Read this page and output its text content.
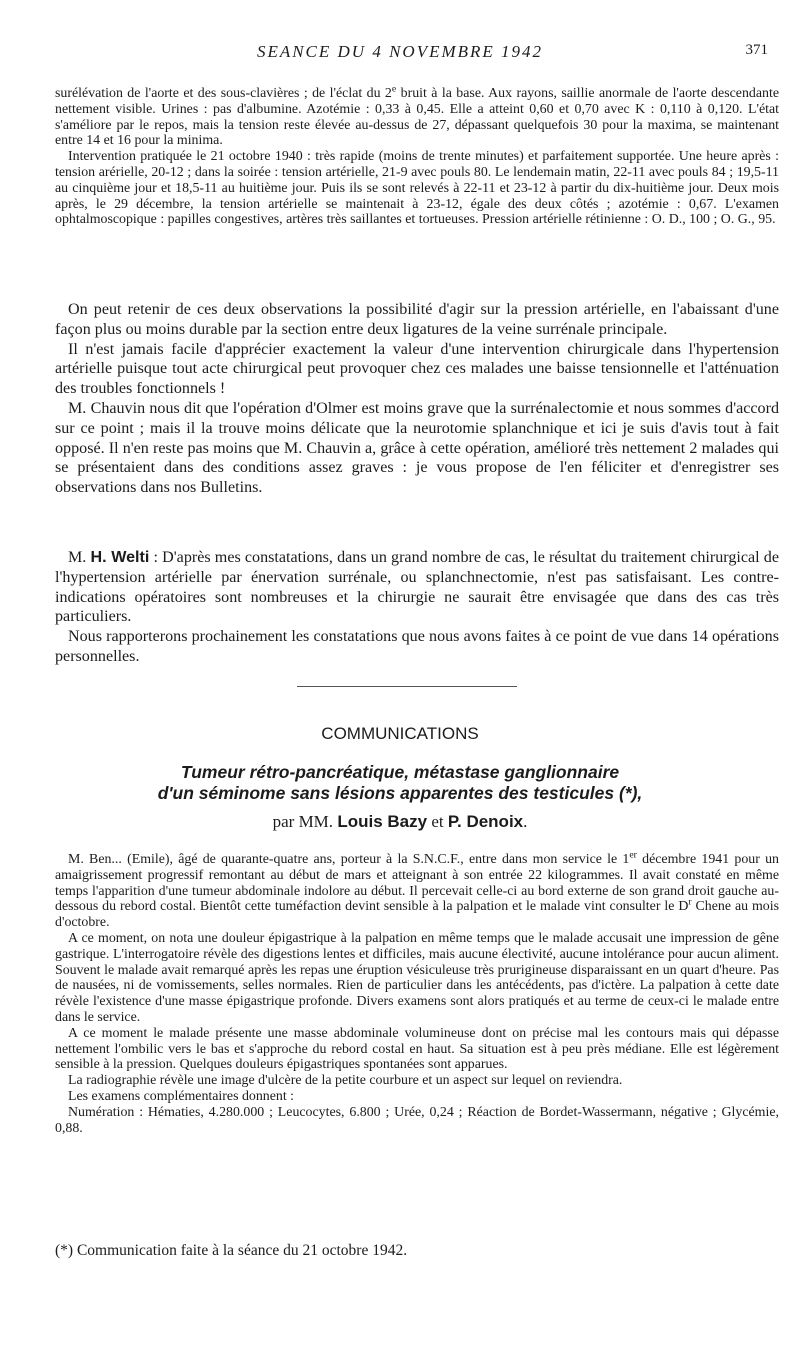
SEANCE DU 4 NOVEMBRE 1942	371

surélévation de l'aorte et des sous-clavières ; de l'éclat du 2e bruit à la base. Aux rayons, saillie anormale de l'aorte descendante nettement visible. Urines : pas d'albumine. Azotémie : 0,33 à 0,45. Elle a atteint 0,60 et 0,70 avec K : 0,110 à 0,120. L'état s'améliore par le repos, mais la tension reste élevée au-dessus de 27, dépassant quelquefois 30 pour la maxima, se maintenant entre 14 et 16 pour la minima.

Intervention pratiquée le 21 octobre 1940 : très rapide (moins de trente minutes) et parfaitement supportée. Une heure après : tension arérielle, 20-12 ; dans la soirée : tension artérielle, 21-9 avec pouls 80. Le lendemain matin, 22-11 avec pouls 84 ; 19,5-11 au cinquième jour et 18,5-11 au huitième jour. Puis ils se sont relevés à 22-11 et 23-12 à partir du dix-huitième jour. Deux mois après, le 29 décembre, la tension artérielle se maintenait à 23-12, égale des deux côtés ; azotémie : 0,67. L'examen ophtalmoscopique : papilles congestives, artères très saillantes et tortueuses. Pression artérielle rétinienne : O. D., 100 ; O. G., 95.

On peut retenir de ces deux observations la possibilité d'agir sur la pression artérielle, en l'abaissant d'une façon plus ou moins durable par la section entre deux ligatures de la veine surrénale principale.

Il n'est jamais facile d'apprécier exactement la valeur d'une intervention chirurgicale dans l'hypertension artérielle puisque tout acte chirurgical peut provoquer chez ces malades une baisse tensionnelle et l'atténuation des troubles fonctionnels !

M. Chauvin nous dit que l'opération d'Olmer est moins grave que la surrénalectomie et nous sommes d'accord sur ce point ; mais il la trouve moins délicate que la neurotomie splanchnique et ici je suis d'avis tout à fait opposé. Il n'en reste pas moins que M. Chauvin a, grâce à cette opération, amélioré très nettement 2 malades qui se présentaient dans des conditions assez graves : je vous propose de l'en féliciter et d'enregistrer ses observations dans nos Bulletins.

M. H. Welti : D'après mes constatations, dans un grand nombre de cas, le résultat du traitement chirurgical de l'hypertension artérielle par énervation surrénale, ou splanchnectomie, n'est pas satisfaisant. Les contre-indications opératoires sont nombreuses et la chirurgie ne saurait être envisagée que dans des cas très particuliers.

Nous rapporterons prochainement les constatations que nous avons faites à ce point de vue dans 14 opérations personnelles.

COMMUNICATIONS
Tumeur rétro-pancréatique, métastase ganglionnaire
d'un séminome sans lésions apparentes des testicules (*),
par MM. Louis Bazy et P. Denoix.

M. Ben... (Emile), âgé de quarante-quatre ans, porteur à la S.N.C.F., entre dans mon service le 1er décembre 1941 pour un amaigrissement progressif remontant au début de mars et atteignant à son entrée 22 kilogrammes. Il avait constaté en même temps l'apparition d'une tumeur abdominale indolore au début. Il percevait celle-ci au bord externe de son grand droit gauche au-dessous du rebord costal. Bientôt cette tuméfaction devint sensible à la palpation et le malade vint consulter le $D^r$ Chene au mois d'octobre.

A ce moment, on nota une douleur épigastrique à la palpation en même temps que le malade accusait une impression de gêne gastrique. L'interrogatoire révèle des digestions lentes et difficiles, mais aucune électivité, aucune intolérance pour aucun aliment. Souvent le malade avait remarqué après les repas une éruption vésiculeuse très prurigineuse disparaissant en un quart d'heure. Pas de nausées, ni de vomissements, selles normales. Rien de particulier dans les antécédents, pas d'ictère. La palpation à cette date révèle l'existence d'une masse épigastrique profonde. Divers examens sont alors pratiqués et au terme de ceux-ci le malade entre dans le service.

A ce moment le malade présente une masse abdominale volumineuse dont on précise mal les contours mais qui dépasse nettement l'ombilic vers le bas et s'approche du rebord costal en haut. Sa situation est à peu près médiane. Elle est légèrement sensible à la pression. Quelques douleurs épigastriques spontanées sont apparues.

La radiographie révèle une image d'ulcère de la petite courbure et un aspect sur lequel on reviendra.

Les examens complémentaires donnent :

Numération : Hématies, 4.280.000 ; Leucocytes, 6.800 ; Urée, 0,24 ; Réaction de Bordet-Wassermann, négative ; Glycémie, 0,88.

(*) Communication faite à la séance du 21 octobre 1942.
